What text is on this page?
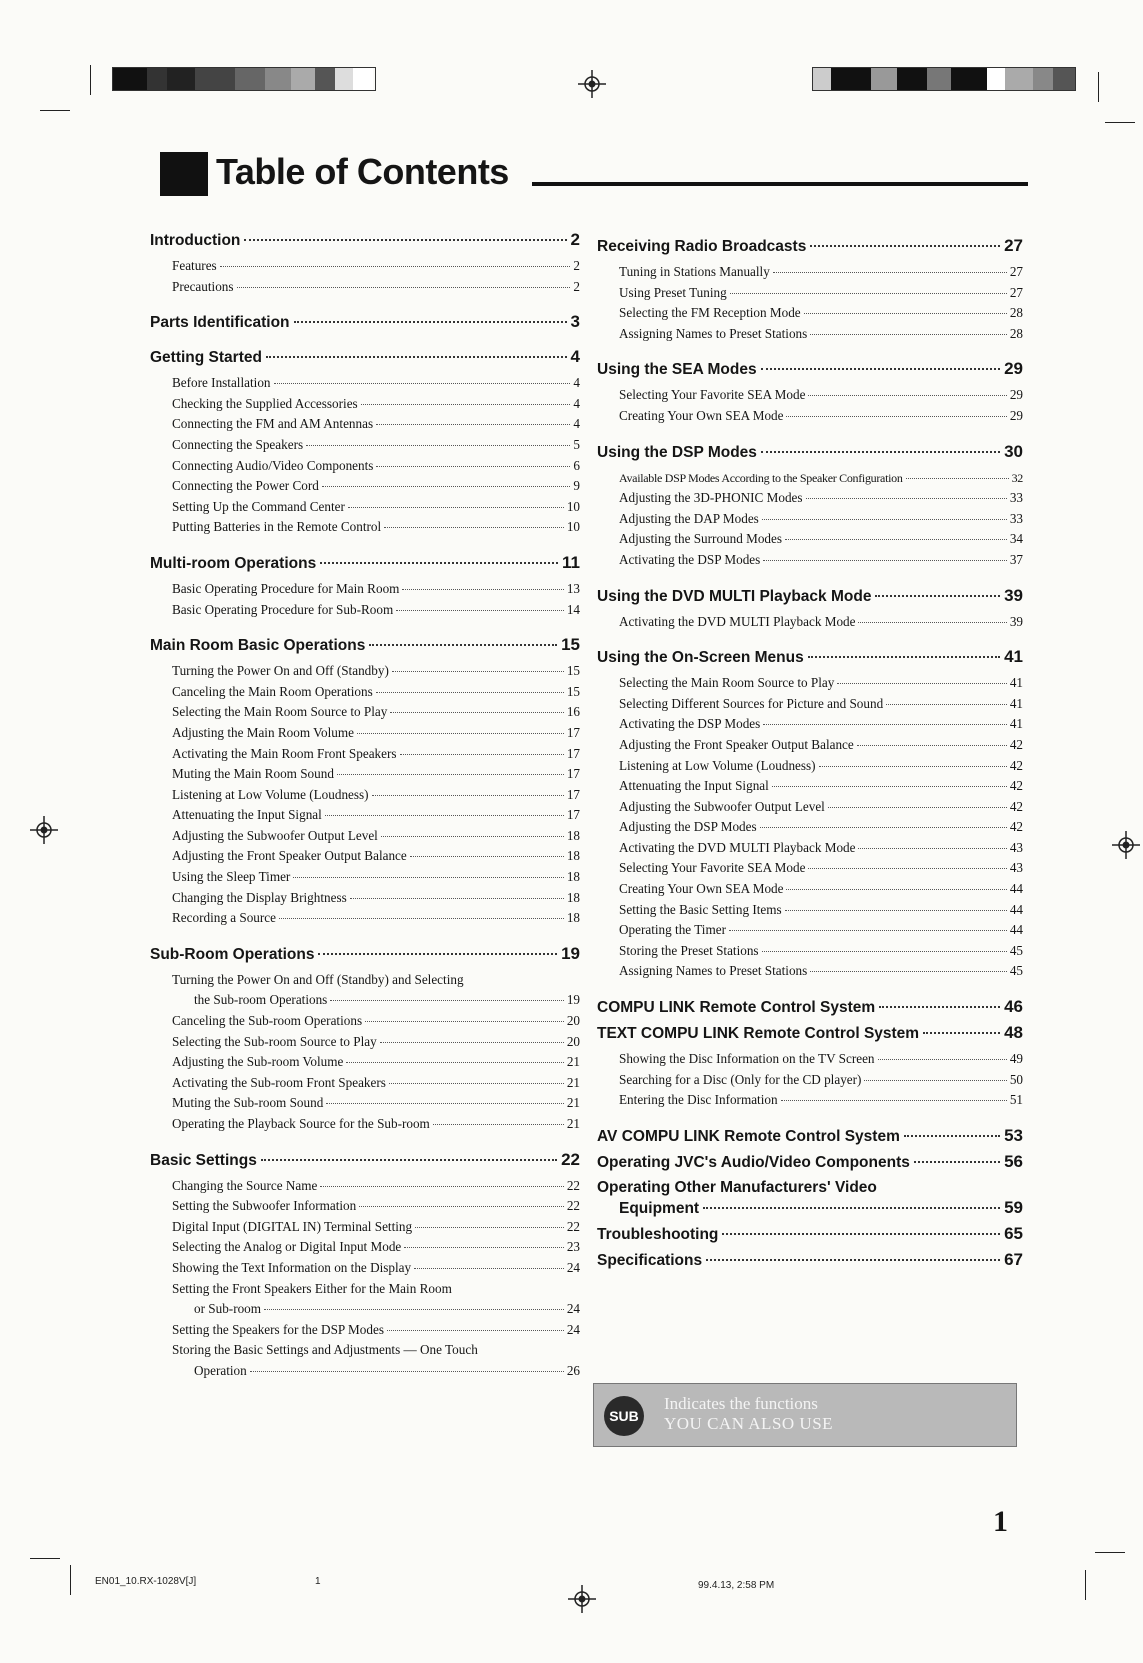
Table of Contents
Introduction	2
Features	2
Precautions	2
Parts Identification	3
Getting Started	4
Before Installation	4
Checking the Supplied Accessories	4
Connecting the FM and AM Antennas	4
Connecting the Speakers	5
Connecting Audio/Video Components	6
Connecting the Power Cord	9
Setting Up the Command Center	10
Putting Batteries in the Remote Control	10
Multi-room Operations	11
Basic Operating Procedure for Main Room	13
Basic Operating Procedure for Sub-Room	14
Main Room Basic Operations	15
Turning the Power On and Off (Standby)	15
Canceling the Main Room Operations	15
Selecting the Main Room Source to Play	16
Adjusting the Main Room Volume	17
Activating the Main Room Front Speakers	17
Muting the Main Room Sound	17
Listening at Low Volume (Loudness)	17
Attenuating the Input Signal	17
Adjusting the Subwoofer Output Level	18
Adjusting the Front Speaker Output Balance	18
Using the Sleep Timer	18
Changing the Display Brightness	18
Recording a Source	18
Sub-Room Operations	19
Turning the Power On and Off (Standby) and Selecting
the Sub-room Operations	19
Canceling the Sub-room Operations	20
Selecting the Sub-room Source to Play	20
Adjusting the Sub-room Volume	21
Activating the Sub-room Front Speakers	21
Muting the Sub-room Sound	21
Operating the Playback Source for the Sub-room	21
Basic Settings	22
Changing the Source Name	22
Setting the Subwoofer Information	22
Digital Input (DIGITAL IN) Terminal Setting	22
Selecting the Analog or Digital Input Mode	23
Showing the Text Information on the Display	24
Setting the Front Speakers Either for the Main Room
or Sub-room	24
Setting the Speakers for the DSP Modes	24
Storing the Basic Settings and Adjustments — One Touch
Operation	26
Receiving Radio Broadcasts	27
Tuning in Stations Manually	27
Using Preset Tuning	27
Selecting the FM Reception Mode	28
Assigning Names to Preset Stations	28
Using the SEA Modes	29
Selecting Your Favorite SEA Mode	29
Creating Your Own SEA Mode	29
Using the DSP Modes	30
Available DSP Modes According to the Speaker Configuration	32
Adjusting the 3D-PHONIC Modes	33
Adjusting the DAP Modes	33
Adjusting the Surround Modes	34
Activating the DSP Modes	37
Using the DVD MULTI Playback Mode	39
Activating the DVD MULTI Playback Mode	39
Using the On-Screen Menus	41
Selecting the Main Room Source to Play	41
Selecting Different Sources for Picture and Sound	41
Activating the DSP Modes	41
Adjusting the Front Speaker Output Balance	42
Listening at Low Volume (Loudness)	42
Attenuating the Input Signal	42
Adjusting the Subwoofer Output Level	42
Adjusting the DSP Modes	42
Activating the DVD MULTI Playback Mode	43
Selecting Your Favorite SEA Mode	43
Creating Your Own SEA Mode	44
Setting the Basic Setting Items	44
Operating the Timer	44
Storing the Preset Stations	45
Assigning Names to Preset Stations	45
COMPU LINK Remote Control System	46
TEXT COMPU LINK Remote Control System	48
Showing the Disc Information on the TV Screen	49
Searching for a Disc (Only for the CD player)	50
Entering the Disc Information	51
AV COMPU LINK Remote Control System	53
Operating JVC's Audio/Video Components	56
Operating Other Manufacturers' Video
Equipment	59
Troubleshooting	65
Specifications	67
SUB
Indicates the functions
YOU CAN ALSO USE
1
EN01_10.RX-1028V[J]	1	99.4.13, 2:58 PM
